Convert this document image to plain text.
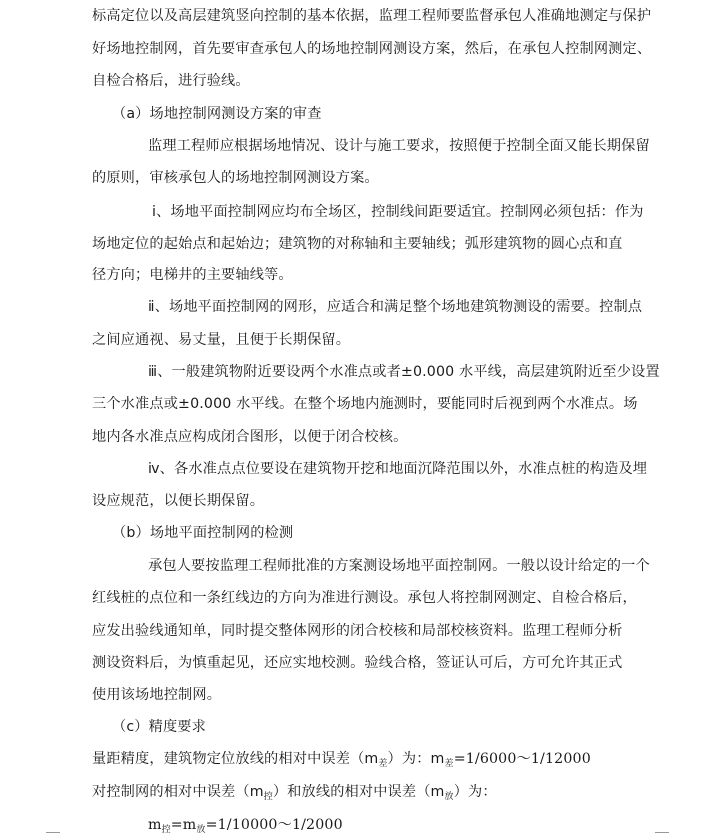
标高定位以及高层建筑竖向控制的基本依据，监理工程师要监督承包人准确地测定与保护

好场地控制网，首先要审查承包人的场地控制网测设方案，然后，在承包人控制网测定、

自检合格后，进行验线。

（a）场地控制网测设方案的审查

监理工程师应根据场地情况、设计与施工要求，按照便于控制全面又能长期保留

的原则，审核承包人的场地控制网测设方案。

ⅰ、场地平面控制网应均布全场区，控制线间距要适宜。控制网必须包括：作为

场地定位的起始点和起始边；建筑物的对称轴和主要轴线；弧形建筑物的圆心点和直

径方向；电梯井的主要轴线等。

ⅱ、场地平面控制网的网形，应适合和满足整个场地建筑物测设的需要。控制点

之间应通视、易丈量，且便于长期保留。

ⅲ、一般建筑物附近要设两个水准点或者±0.000 水平线，高层建筑附近至少设置

三个水准点或±0.000 水平线。在整个场地内施测时，要能同时后视到两个水准点。场

地内各水准点应构成闭合图形，以便于闭合校核。

ⅳ、各水准点点位要设在建筑物开挖和地面沉降范围以外，水准点桩的构造及埋

设应规范，以便长期保留。

（b）场地平面控制网的检测

承包人要按监理工程师批准的方案测设场地平面控制网。一般以设计给定的一个

红线桩的点位和一条红线边的方向为准进行测设。承包人将控制网测定、自检合格后，

应发出验线通知单，同时提交整体网形的闭合校核和局部校核资料。监理工程师分析

测设资料后，为慎重起见，还应实地校测。验线合格，签证认可后，方可允许其正式

使用该场地控制网。

（c）精度要求

量距精度，建筑物定位放线的相对中误差$(m_差)$为：$m_差=1/6000\sim 1/12000$

对控制网的相对中误差$(m_控)$和放线的相对中误差$(m_放)$为：

$m_控=m_放=1/10000\sim 1/2000$
